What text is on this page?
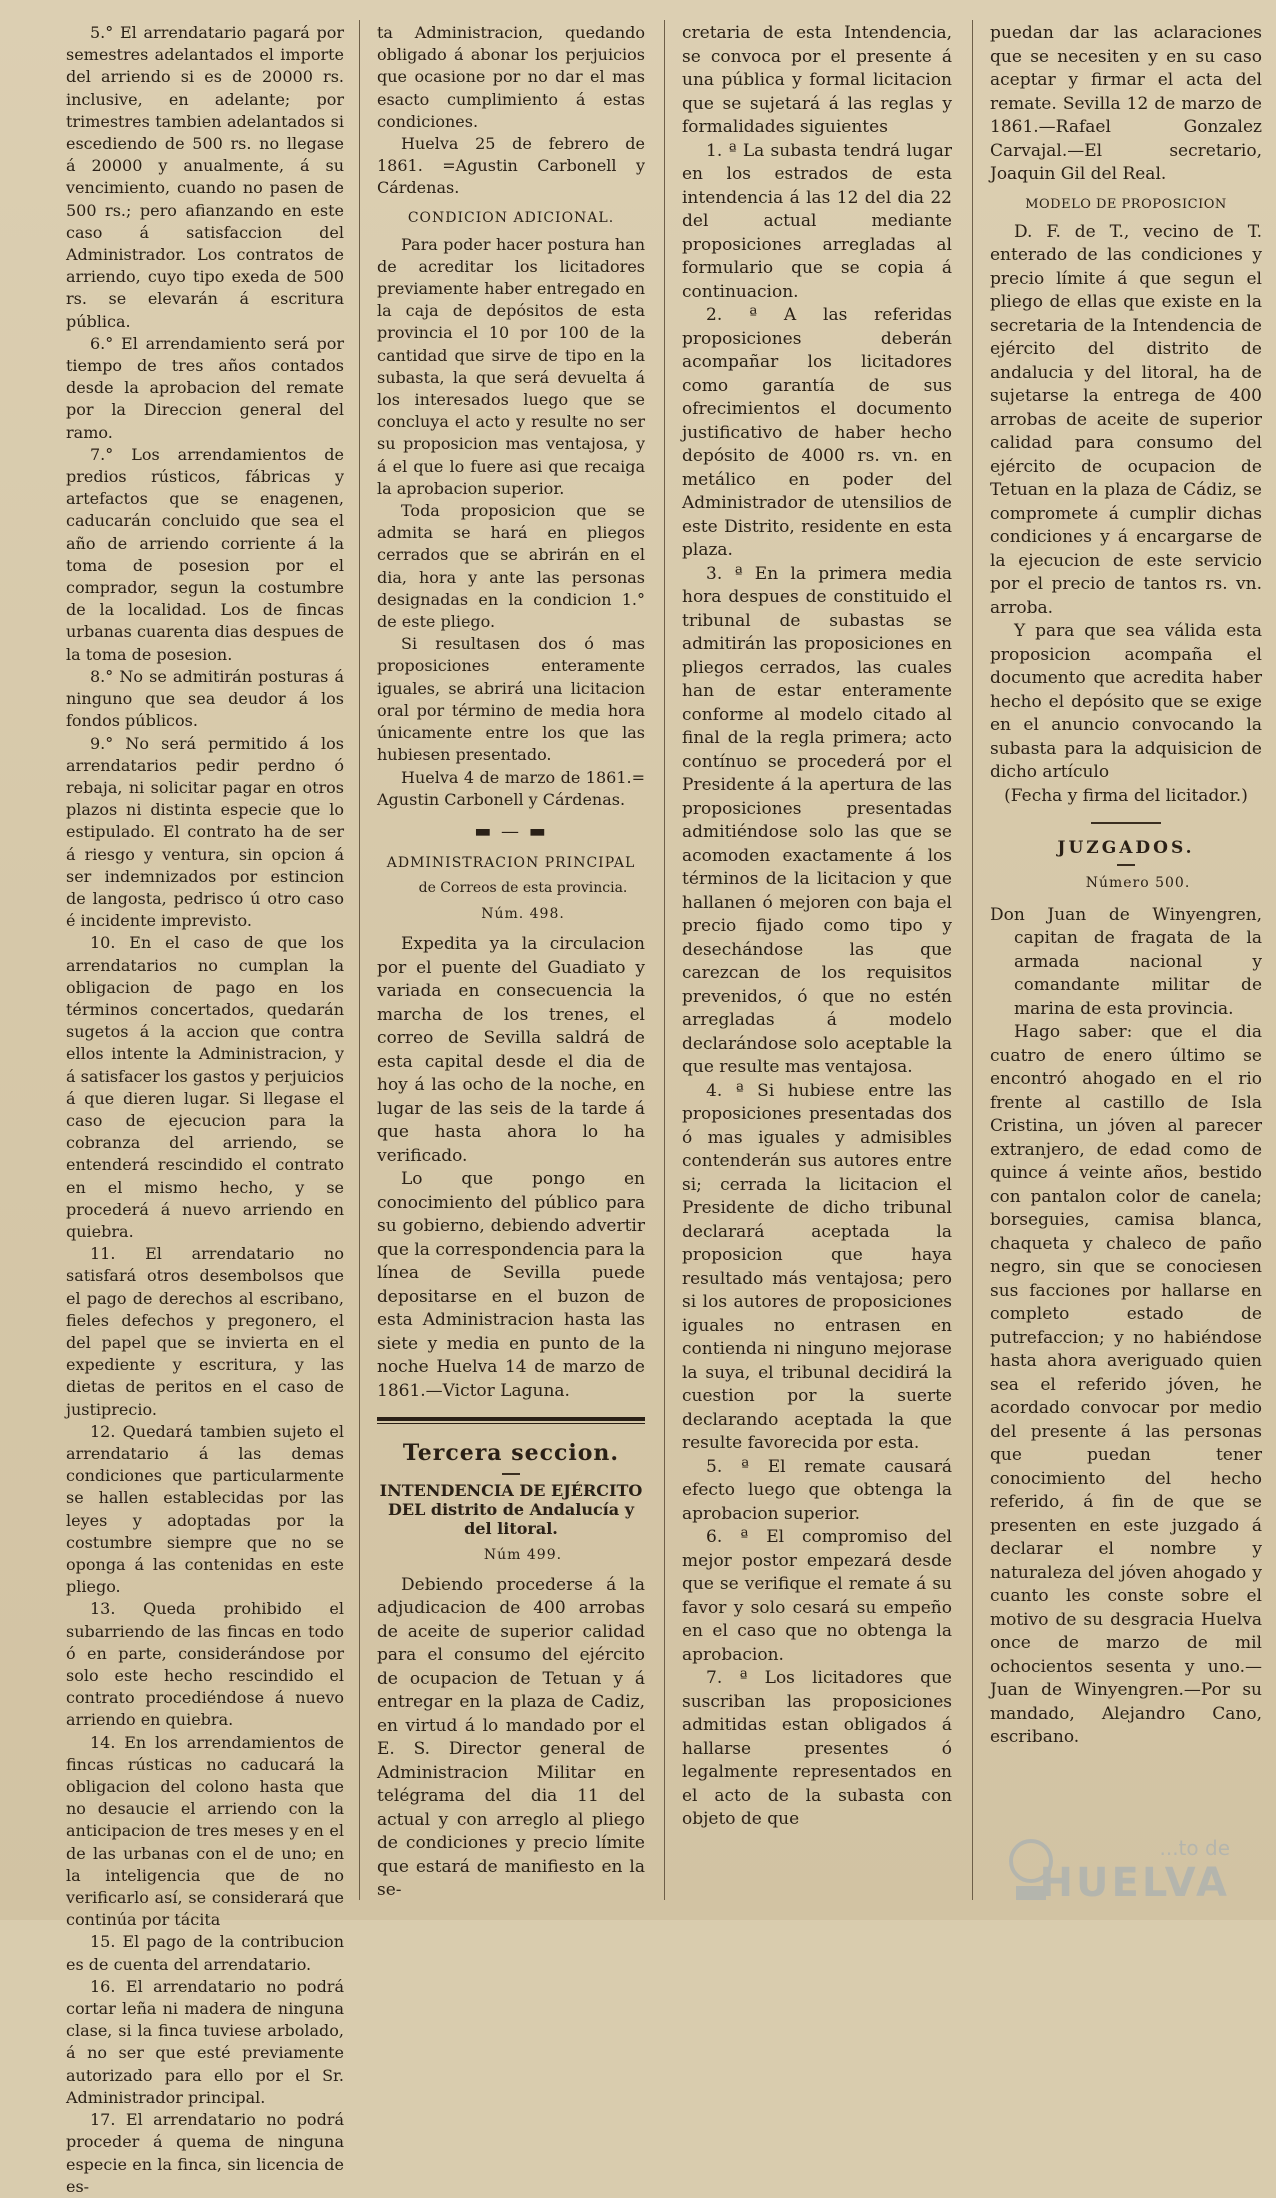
5.° El arrendatario pagará por semestres adelantados el importe del arriendo si es de 20000 rs. inclusive, en adelante; por trimestres tambien adelantados si escediendo de 500 rs. no llegase á 20000 y anualmente, á su vencimiento, cuando no pasen de 500 rs.; pero afianzando en este caso á satisfaccion del Administrador. Los contratos de arriendo, cuyo tipo exeda de 500 rs. se elevarán á escritura pública.

6.° El arrendamiento será por tiempo de tres años contados desde la aprobacion del remate por la Direccion general del ramo.

7.° Los arrendamientos de predios rústicos, fábricas y artefactos que se enagenen, caducarán concluido que sea el año de arriendo corriente á la toma de posesion por el comprador, segun la costumbre de la localidad. Los de fincas urbanas cuarenta dias despues de la toma de posesion.

8.° No se admitirán posturas á ninguno que sea deudor á los fondos públicos.

9.° No será permitido á los arrendatarios pedir perdno ó rebaja, ni solicitar pagar en otros plazos ni distinta especie que lo estipulado. El contrato ha de ser á riesgo y ventura, sin opcion á ser indemnizados por estincion de langosta, pedrisco ú otro caso é incidente imprevisto.

10. En el caso de que los arrendatarios no cumplan la obligacion de pago en los términos concertados, quedarán sugetos á la accion que contra ellos intente la Administracion, y á satisfacer los gastos y perjuicios á que dieren lugar. Si llegase el caso de ejecucion para la cobranza del arriendo, se entenderá rescindido el contrato en el mismo hecho, y se procederá á nuevo arriendo en quiebra.

11. El arrendatario no satisfará otros desembolsos que el pago de derechos al escribano, fieles defechos y pregonero, el del papel que se invierta en el expediente y escritura, y las dietas de peritos en el caso de justiprecio.

12. Quedará tambien sujeto el arrendatario á las demas condiciones que particularmente se hallen establecidas por las leyes y adoptadas por la costumbre siempre que no se oponga á las contenidas en este pliego.

13. Queda prohibido el subarriendo de las fincas en todo ó en parte, considerándose por solo este hecho rescindido el contrato procediéndose á nuevo arriendo en quiebra.

14. En los arrendamientos de fincas rústicas no caducará la obligacion del colono hasta que no desaucie el arriendo con la anticipacion de tres meses y en el de las urbanas con el de uno; en la inteligencia que de no verificarlo así, se considerará que continúa por tácita

15. El pago de la contribucion es de cuenta del arrendatario.

16. El arrendatario no podrá cortar leña ni madera de ninguna clase, si la finca tuviese arbolado, á no ser que esté previamente autorizado para ello por el Sr. Administrador principal.

17. El arrendatario no podrá proceder á quema de ninguna especie en la finca, sin licencia de es-

ta Administracion, quedando obligado á abonar los perjuicios que ocasione por no dar el mas esacto cumplimiento á estas condiciones.

Huelva 25 de febrero de 1861. =Agustin Carbonell y Cárdenas.

CONDICION ADICIONAL.

Para poder hacer postura han de acreditar los licitadores previamente haber entregado en la caja de depósitos de esta provincia el 10 por 100 de la cantidad que sirve de tipo en la subasta, la que será devuelta á los interesados luego que se concluya el acto y resulte no ser su proposicion mas ventajosa, y á el que lo fuere asi que recaiga la aprobacion superior.

Toda proposicion que se admita se hará en pliegos cerrados que se abrirán en el dia, hora y ante las personas designadas en la condicion 1.° de este pliego.

Si resultasen dos ó mas proposiciones enteramente iguales, se abrirá una licitacion oral por término de media hora únicamente entre los que las hubiesen presentado.

Huelva 4 de marzo de 1861.= Agustin Carbonell y Cárdenas.

▬ — ▬
ADMINISTRACION PRINCIPAL

de Correos de esta provincia.

Núm. 498.

Expedita ya la circulacion por el puente del Guadiato y variada en consecuencia la marcha de los trenes, el correo de Sevilla saldrá de esta capital desde el dia de hoy á las ocho de la noche, en lugar de las seis de la tarde á que hasta ahora lo ha verificado.

Lo que pongo en conocimiento del público para su gobierno, debiendo advertir que la correspondencia para la línea de Sevilla puede depositarse en el buzon de esta Administracion hasta las siete y media en punto de la noche Huelva 14 de marzo de 1861.—Victor Laguna.

Tercera seccion.
INTENDENCIA DE EJÉRCITO DEL distrito de Andalucía y del litoral.

Núm 499.

Debiendo procederse á la adjudicacion de 400 arrobas de aceite de superior calidad para el consumo del ejército de ocupacion de Tetuan y á entregar en la plaza de Cadiz, en virtud á lo mandado por el E. S. Director general de Administracion Militar en telégrama del dia 11 del actual y con arreglo al pliego de condiciones y precio límite que estará de manifiesto en la se-

cretaria de esta Intendencia, se convoca por el presente á una pública y formal licitacion que se sujetará á las reglas y formalidades siguientes

1. ª La subasta tendrá lugar en los estrados de esta intendencia á las 12 del dia 22 del actual mediante proposiciones arregladas al formulario que se copia á continuacion.

2. ª A las referidas proposiciones deberán acompañar los licitadores como garantía de sus ofrecimientos el documento justificativo de haber hecho depósito de 4000 rs. vn. en metálico en poder del Administrador de utensilios de este Distrito, residente en esta plaza.

3. ª En la primera media hora despues de constituido el tribunal de subastas se admitirán las proposiciones en pliegos cerrados, las cuales han de estar enteramente conforme al modelo citado al final de la regla primera; acto contínuo se procederá por el Presidente á la apertura de las proposiciones presentadas admitiéndose solo las que se acomoden exactamente á los términos de la licitacion y que hallanen ó mejoren con baja el precio fijado como tipo y desechándose las que carezcan de los requisitos prevenidos, ó que no estén arregladas á modelo declarándose solo aceptable la que resulte mas ventajosa.

4. ª Si hubiese entre las proposiciones presentadas dos ó mas iguales y admisibles contenderán sus autores entre si; cerrada la licitacion el Presidente de dicho tribunal declarará aceptada la proposicion que haya resultado más ventajosa; pero si los autores de proposiciones iguales no entrasen en contienda ni ninguno mejorase la suya, el tribunal decidirá la cuestion por la suerte declarando aceptada la que resulte favorecida por esta.

5. ª El remate causará efecto luego que obtenga la aprobacion superior.

6. ª El compromiso del mejor postor empezará desde que se verifique el remate á su favor y solo cesará su empeño en el caso que no obtenga la aprobacion.

7. ª Los licitadores que suscriban las proposiciones admitidas estan obligados á hallarse presentes ó legalmente representados en el acto de la subasta con objeto de que

puedan dar las aclaraciones que se necesiten y en su caso aceptar y firmar el acta del remate. Sevilla 12 de marzo de 1861.—Rafael Gonzalez Carvajal.—El secretario, Joaquin Gil del Real.

MODELO DE PROPOSICION

D. F. de T., vecino de T. enterado de las condiciones y precio límite á que segun el pliego de ellas que existe en la secretaria de la Intendencia de ejército del distrito de andalucia y del litoral, ha de sujetarse la entrega de 400 arrobas de aceite de superior calidad para consumo del ejército de ocupacion de Tetuan en la plaza de Cádiz, se compromete á cumplir dichas condiciones y á encargarse de la ejecucion de este servicio por el precio de tantos rs. vn. arroba.

Y para que sea válida esta proposicion acompaña el documento que acredita haber hecho el depósito que se exige en el anuncio convocando la subasta para la adquisicion de dicho artículo

(Fecha y firma del licitador.)

JUZGADOS.

Número 500.

Don Juan de Winyengren, capitan de fragata de la armada nacional y comandante militar de marina de esta provincia.

Hago saber: que el dia cuatro de enero último se encontró ahogado en el rio frente al castillo de Isla Cristina, un jóven al parecer extranjero, de edad como de quince á veinte años, bestido con pantalon color de canela; borseguies, camisa blanca, chaqueta y chaleco de paño negro, sin que se conociesen sus facciones por hallarse en completo estado de putrefaccion; y no habiéndose hasta ahora averiguado quien sea el referido jóven, he acordado convocar por medio del presente á las personas que puedan tener conocimiento del hecho referido, á fin de que se presenten en este juzgado á declarar el nombre y naturaleza del jóven ahogado y cuanto les conste sobre el motivo de su desgracia Huelva once de marzo de mil ochocientos sesenta y uno.— Juan de Winyengren.—Por su mandado, Alejandro Cano, escribano.

...to de
HUELVA
